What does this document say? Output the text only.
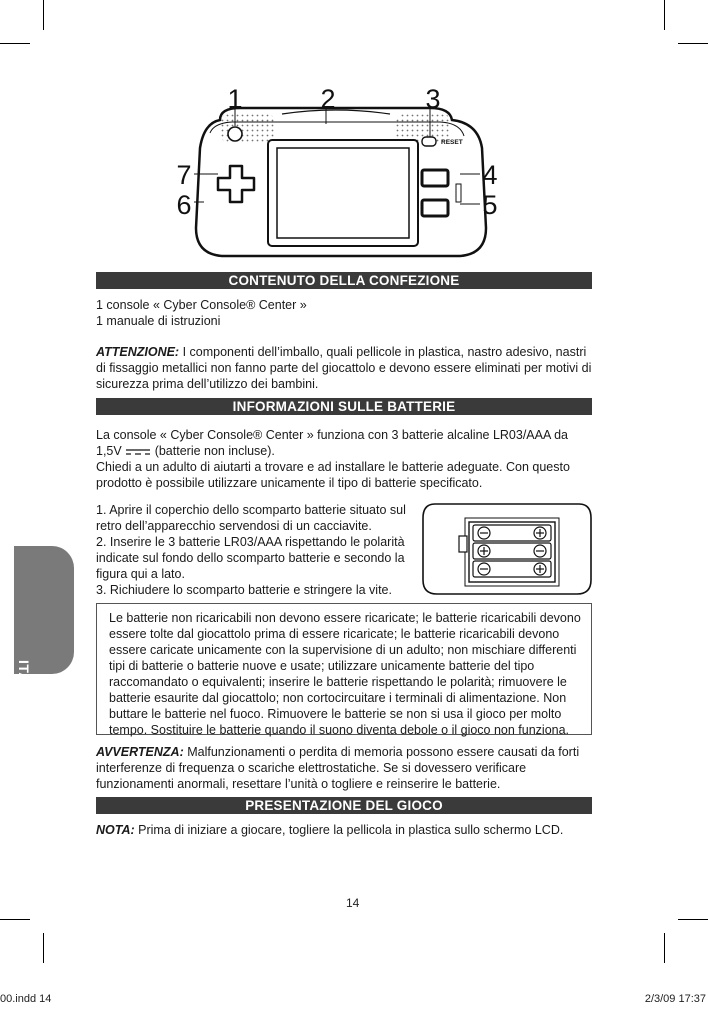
RESET
1	2	3
7
6
4
5
CONTENUTO DELLA CONFEZIONE

1 console « Cyber Console® Center »

1 manuale di istruzioni

ATTENZIONE: I componenti dell’imballo, quali pellicole in plastica, nastro adesivo, nastri di fissaggio metallici non fanno parte del giocattolo e devono essere eliminati per motivi di sicurezza prima dell’utilizzo dei bambini.

INFORMAZIONI SULLE BATTERIE

La console « Cyber Console® Center » funziona con 3 batterie alcaline LR03/AAA da

1,5V	(batterie non incluse).

Chiedi a un adulto di aiutarti a trovare e ad installare le batterie adeguate. Con questo prodotto è possibile utilizzare unicamente il tipo di batterie specificato.

1. Aprire il coperchio dello scomparto batterie situato sul retro dell’apparecchio servendosi di un cacciavite.

2. Inserire le 3 batterie LR03/AAA rispettando le polarità indicate sul fondo dello scomparto batterie e secondo la figura qui a lato.

3. Richiudere lo scomparto batterie e stringere la vite.

ITALIANO

Le batterie non ricaricabili non devono essere ricaricate; le batterie ricaricabili devono essere tolte dal giocattolo prima di essere ricaricate; le batterie ricaricabili devono essere caricate unicamente con la supervisione di un adulto; non mischiare differenti tipi di batterie o batterie nuove e usate; utilizzare unicamente batterie del tipo raccomandato o equivalenti; inserire le batterie rispettando le polarità; rimuovere le batterie esaurite dal giocattolo; non cortocircuitare i terminali di alimentazione. Non buttare le batterie nel fuoco. Rimuovere le batterie se non si usa il gioco per molto tempo. Sostituire le batterie quando il suono diventa debole o il gioco non funziona.

AVVERTENZA: Malfunzionamenti o perdita di memoria possono essere causati da forti interferenze di frequenza o scariche elettrostatiche. Se si dovessero verificare funzionamenti anormali, resettare l’unità o togliere e reinserire le batterie.

PRESENTAZIONE DEL GIOCO

NOTA: Prima di iniziare a giocare, togliere la pellicola in plastica sullo schermo LCD.

14
00.indd 14	2/3/09 17:37
